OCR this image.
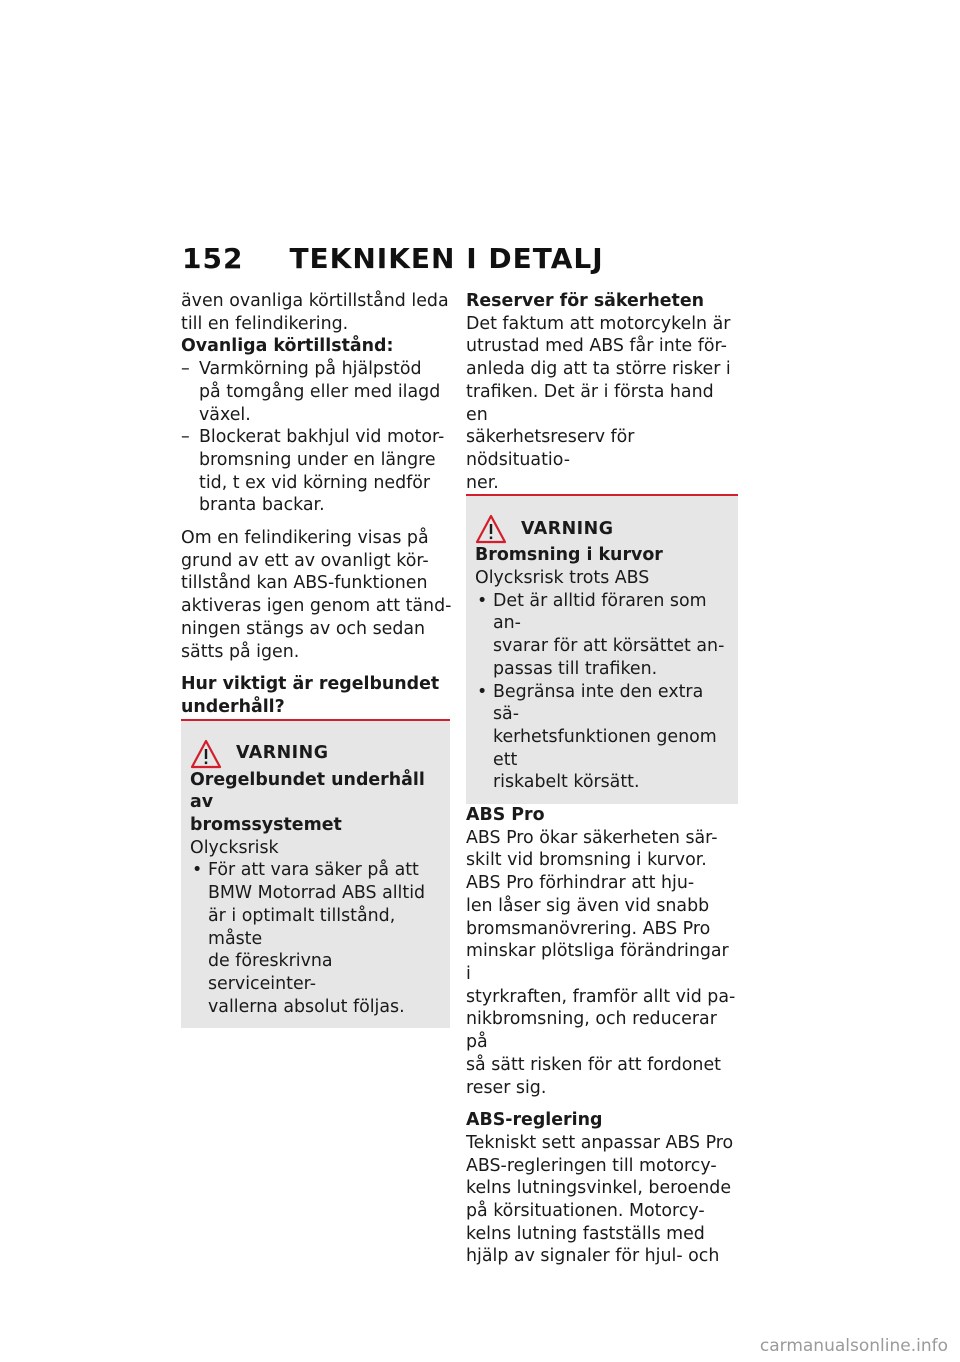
152 TEKNIKEN I DETALJ
även ovanliga körtillstånd leda
till en felindikering.
Ovanliga körtillstånd:
– Varmkörning på hjälpstöd
på tomgång eller med ilagd
växel.
– Blockerat bakhjul vid motor-
bromsning under en längre
tid, t ex vid körning nedför
branta backar.
Om en felindikering visas på
grund av ett av ovanligt kör-
tillstånd kan ABS-funktionen
aktiveras igen genom att tänd-
ningen stängs av och sedan
sätts på igen.
Hur viktigt är regelbundet
underhåll?
VARNING
Oregelbundet underhåll av
bromssystemet
Olycksrisk
• För att vara säker på att
BMW Motorrad ABS alltid
är i optimalt tillstånd, måste
de föreskrivna serviceinter-
vallerna absolut följas.
Reserver för säkerheten
Det faktum att motorcykeln är
utrustad med ABS får inte för-
anleda dig att ta större risker i
trafiken. Det är i första hand en
säkerhetsreserv för nödsituatio-
ner.
VARNING
Bromsning i kurvor
Olycksrisk trots ABS
• Det är alltid föraren som an-
svarar för att körsättet an-
passas till trafiken.
• Begränsa inte den extra sä-
kerhetsfunktionen genom ett
riskabelt körsätt.
ABS Pro
ABS Pro ökar säkerheten sär-
skilt vid bromsning i kurvor.
ABS Pro förhindrar att hju-
len låser sig även vid snabb
bromsmanövrering. ABS Pro
minskar plötsliga förändringar i
styrkraften, framför allt vid pa-
nikbromsning, och reducerar på
så sätt risken för att fordonet
reser sig.
ABS-reglering
Tekniskt sett anpassar ABS Pro
ABS-regleringen till motorcy-
kelns lutningsvinkel, beroende
på körsituationen. Motorcy-
kelns lutning fastställs med
hjälp av signaler för hjul- och
carmanualsonline.info
